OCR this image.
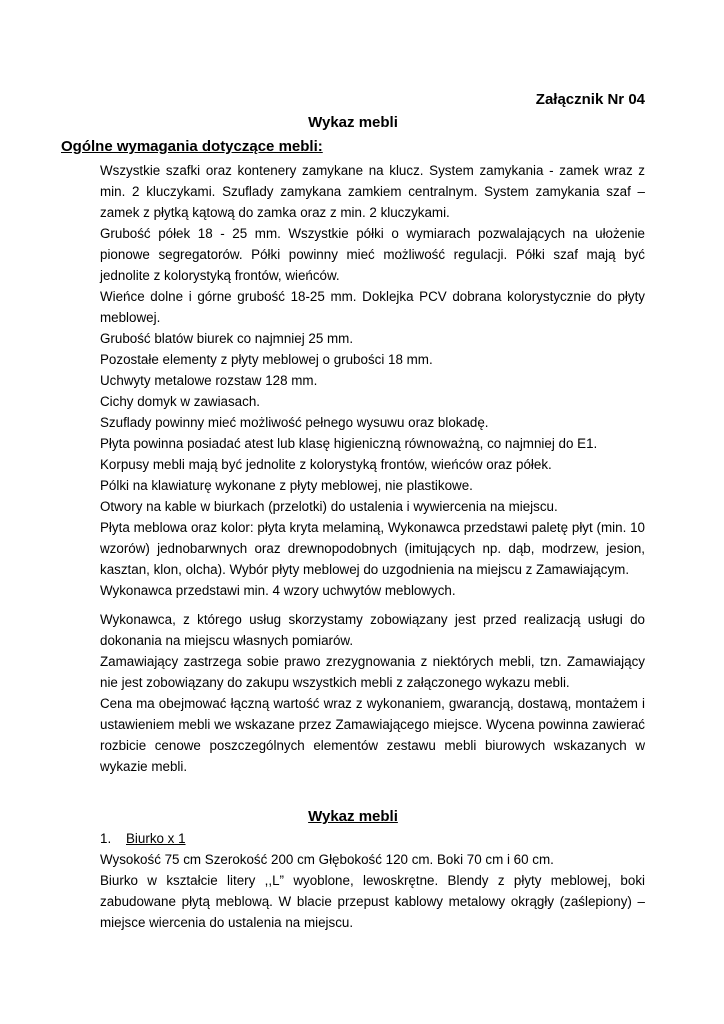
Załącznik Nr 04
Wykaz mebli
Ogólne wymagania dotyczące mebli:

Wszystkie szafki oraz kontenery zamykane na klucz. System zamykania - zamek wraz z min. 2 kluczykami. Szuflady zamykana zamkiem centralnym. System zamykania szaf – zamek z płytką kątową do zamka oraz z min. 2 kluczykami.

Grubość półek 18 - 25 mm. Wszystkie półki o wymiarach pozwalających na ułożenie pionowe segregatorów. Półki powinny mieć możliwość regulacji. Półki szaf mają być jednolite z kolorystyką frontów, wieńców.

Wieńce dolne i górne grubość 18-25 mm. Doklejka PCV dobrana kolorystycznie do płyty meblowej.

Grubość blatów biurek co najmniej 25 mm.

Pozostałe elementy z płyty meblowej o grubości 18 mm.

Uchwyty metalowe rozstaw 128 mm.

Cichy domyk w zawiasach.

Szuflady powinny mieć możliwość pełnego wysuwu oraz blokadę.

Płyta powinna posiadać atest lub klasę higieniczną równoważną, co najmniej do E1.

Korpusy mebli mają być jednolite z kolorystyką frontów, wieńców oraz półek.

Pólki na klawiaturę wykonane z płyty meblowej, nie plastikowe.

Otwory na kable w biurkach (przelotki) do ustalenia i wywiercenia na miejscu.

Płyta meblowa oraz kolor: płyta kryta melaminą, Wykonawca przedstawi paletę płyt (min. 10 wzorów) jednobarwnych oraz drewnopodobnych (imitujących np. dąb, modrzew, jesion, kasztan, klon, olcha). Wybór płyty meblowej do uzgodnienia na miejscu z Zamawiającym.

Wykonawca przedstawi min. 4 wzory uchwytów meblowych.

Wykonawca, z którego usług skorzystamy zobowiązany jest przed realizacją usługi do dokonania na miejscu własnych pomiarów.

Zamawiający zastrzega sobie prawo zrezygnowania z niektórych mebli, tzn. Zamawiający nie jest zobowiązany do zakupu wszystkich mebli z załączonego wykazu mebli.

Cena ma obejmować łączną wartość wraz z wykonaniem, gwarancją, dostawą, montażem i ustawieniem mebli we wskazane przez Zamawiającego miejsce. Wycena powinna zawierać rozbicie cenowe poszczególnych elementów zestawu mebli biurowych wskazanych w wykazie mebli.

Wykaz mebli
1.	Biurko x 1

Wysokość 75 cm Szerokość 200 cm Głębokość 120 cm. Boki 70 cm i 60 cm.

Biurko w kształcie litery ,,L” wyoblone, lewoskrętne. Blendy z płyty meblowej, boki zabudowane płytą meblową. W blacie przepust kablowy metalowy okrągły (zaślepiony) – miejsce wiercenia do ustalenia na miejscu.
